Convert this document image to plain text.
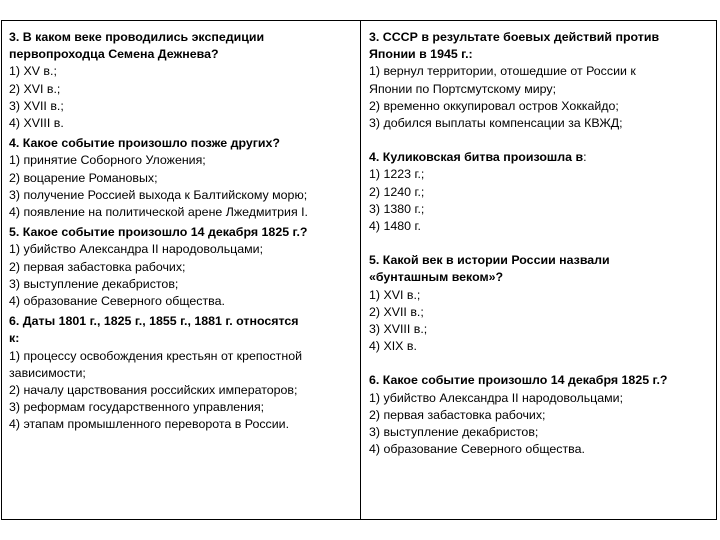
3. В каком веке проводились экспедиции
первопроходца Семена Дежнева?
1) XV в.;
2) XVI в.;
3) XVII в.;
4) XVIII в.
4. Какое событие произошло позже других?
1) принятие Соборного Уложения;
2) воцарение Романовых;
3) получение Россией выхода к Балтийскому морю;
4) появление на политической арене Лжедмитрия I.
5. Какое событие произошло 14 декабря 1825 г.?
1) убийство Александра II народовольцами;
2) первая забастовка рабочих;
3) выступление декабристов;
4) образование Северного общества.
6. Даты 1801 г., 1825 г., 1855 г., 1881 г. относятся
к:
1) процессу освобождения крестьян от крепостной
зависимости;
2) началу царствования российских императоров;
3) реформам государственного управления;
4) этапам промышленного переворота в России.
3. СССР в результате боевых действий против
Японии в 1945 г.:
1) вернул территории, отошедшие от России к
Японии по Портсмутскому миру;
2) временно оккупировал остров Хоккайдо;
3) добился выплаты компенсации за КВЖД;
4. Куликовская битва произошла в:
1) 1223 г.;
2) 1240 г.;
3) 1380 г.;
4) 1480 г.
5. Какой век в истории России назвали
«бунташным веком»?
1) XVI в.;
2) XVII в.;
3) XVIII в.;
4) XIX в.
6. Какое событие произошло 14 декабря 1825 г.?
1) убийство Александра II народовольцами;
2) первая забастовка рабочих;
3) выступление декабристов;
4) образование Северного общества.
